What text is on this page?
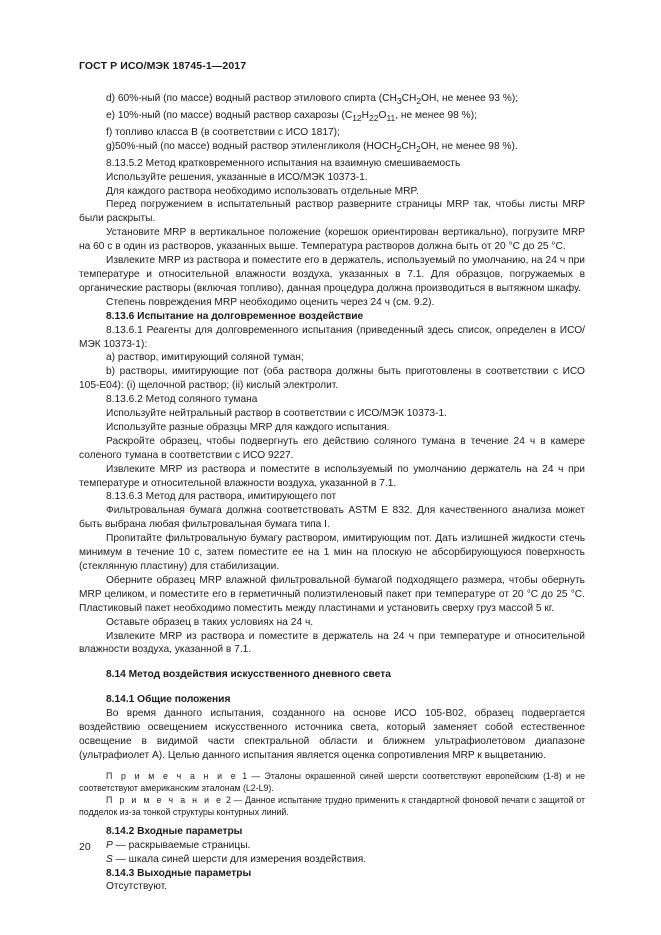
ГОСТ Р ИСО/МЭК 18745-1—2017

d) 60%-ный (по массе) водный раствор этилового спирта ($CH_3CH_2OH$, не менее 93 %);

e) 10%-ный (по массе) водный раствор сахарозы ($C_{12}H_{22}O_{11}$, не менее 98 %);

f) топливо класса B (в соответствии с ИСО 1817);

g)50%-ный (по массе) водный раствор этиленгликоля ($HOCH_2CH_2OH$, не менее 98 %).

8.13.5.2 Метод кратковременного испытания на взаимную смешиваемость

Используйте решения, указанные в ИСО/МЭК 10373-1.

Для каждого раствора необходимо использовать отдельные MRP.

Перед погружением в испытательный раствор разверните страницы MRP так, чтобы листы MRP были раскрыты.

Установите MRP в вертикальное положение (корешок ориентирован вертикально), погрузите MRP на 60 с в один из растворов, указанных выше. Температура растворов должна быть от 20 °C до 25 °C.

Извлеките MRP из раствора и поместите его в держатель, используемый по умолчанию, на 24 ч при температуре и относительной влажности воздуха, указанных в 7.1. Для образцов, погружаемых в органические растворы (включая топливо), данная процедура должна производиться в вытяжном шкафу.

Степень повреждения MRP необходимо оценить через 24 ч (см. 9.2).

8.13.6 Испытание на долговременное воздействие

8.13.6.1 Реагенты для долговременного испытания (приведенный здесь список, определен в ИСО/МЭК 10373-1):

a) раствор, имитирующий соляной туман;

b) растворы, имитирующие пот (оба раствора должны быть приготовлены в соответствии с ИСО 105-E04): (i) щелочной раствор; (ii) кислый электролит.

8.13.6.2 Метод соляного тумана

Используйте нейтральный раствор в соответствии с ИСО/МЭК 10373-1.

Используйте разные образцы MRP для каждого испытания.

Раскройте образец, чтобы подвергнуть его действию соляного тумана в течение 24 ч в камере соленого тумана в соответствии с ИСО 9227.

Извлеките MRP из раствора и поместите в используемый по умолчанию держатель на 24 ч при температуре и относительной влажности воздуха, указанной в 7.1.

8.13.6.3 Метод для раствора, имитирующего пот

Фильтровальная бумага должна соответствовать ASTM E 832. Для качественного анализа может быть выбрана любая фильтровальная бумага типа I.

Пропитайте фильтровальную бумагу раствором, имитирующим пот. Дать излишней жидкости стечь минимум в течение 10 с, затем поместите ее на 1 мин на плоскую не абсорбирующуюся поверхность (стеклянную пластину) для стабилизации.

Оберните образец MRP влажной фильтровальной бумагой подходящего размера, чтобы обернуть MRP целиком, и поместите его в герметичный полиэтиленовый пакет при температуре от 20 °C до 25 °C. Пластиковый пакет необходимо поместить между пластинами и установить сверху груз массой 5 кг.

Оставьте образец в таких условиях на 24 ч.

Извлеките MRP из раствора и поместите в держатель на 24 ч при температуре и относительной влажности воздуха, указанной в 7.1.

8.14 Метод воздействия искусственного дневного света

8.14.1 Общие положения

Во время данного испытания, созданного на основе ИСО 105-B02, образец подвергается воздействию освещением искусственного источника света, который заменяет собой естественное освещение в видимой части спектральной области и ближнем ультрафиолетовом диапазоне (ультрафиолет A). Целью данного испытания является оценка сопротивления MRP к выцветанию.

П р и м е ч а н и е 1 — Эталоны окрашенной синей шерсти соответствуют европейским (1-8) и не соответствуют американским эталонам (L2-L9).

П р и м е ч а н и е 2 — Данное испытание трудно применить к стандартной фоновой печати с защитой от подделок из-за тонкой структуры контурных линий.

8.14.2 Входные параметры

P — раскрываемые страницы.

S — шкала синей шерсти для измерения воздействия.

8.14.3 Выходные параметры

Отсутствуют.

20
